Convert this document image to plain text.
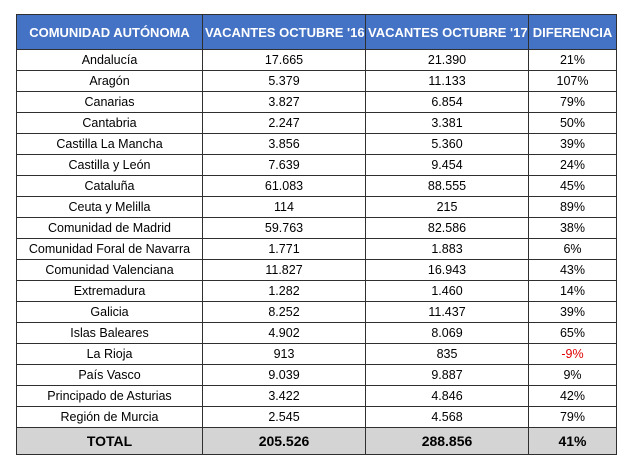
COMUNIDAD AUTÓNOMA	VACANTES OCTUBRE '16	VACANTES OCTUBRE '17	DIFERENCIA
Andalucía	17.665	21.390	21%
Aragón	5.379	11.133	107%
Canarias	3.827	6.854	79%
Cantabria	2.247	3.381	50%
Castilla La Mancha	3.856	5.360	39%
Castilla y León	7.639	9.454	24%
Cataluña	61.083	88.555	45%
Ceuta y Melilla	114	215	89%
Comunidad de Madrid	59.763	82.586	38%
Comunidad Foral de Navarra	1.771	1.883	6%
Comunidad Valenciana	11.827	16.943	43%
Extremadura	1.282	1.460	14%
Galicia	8.252	11.437	39%
Islas Baleares	4.902	8.069	65%
La Rioja	913	835	-9%
País Vasco	9.039	9.887	9%
Principado de Asturias	3.422	4.846	42%
Región de Murcia	2.545	4.568	79%
TOTAL	205.526	288.856	41%
